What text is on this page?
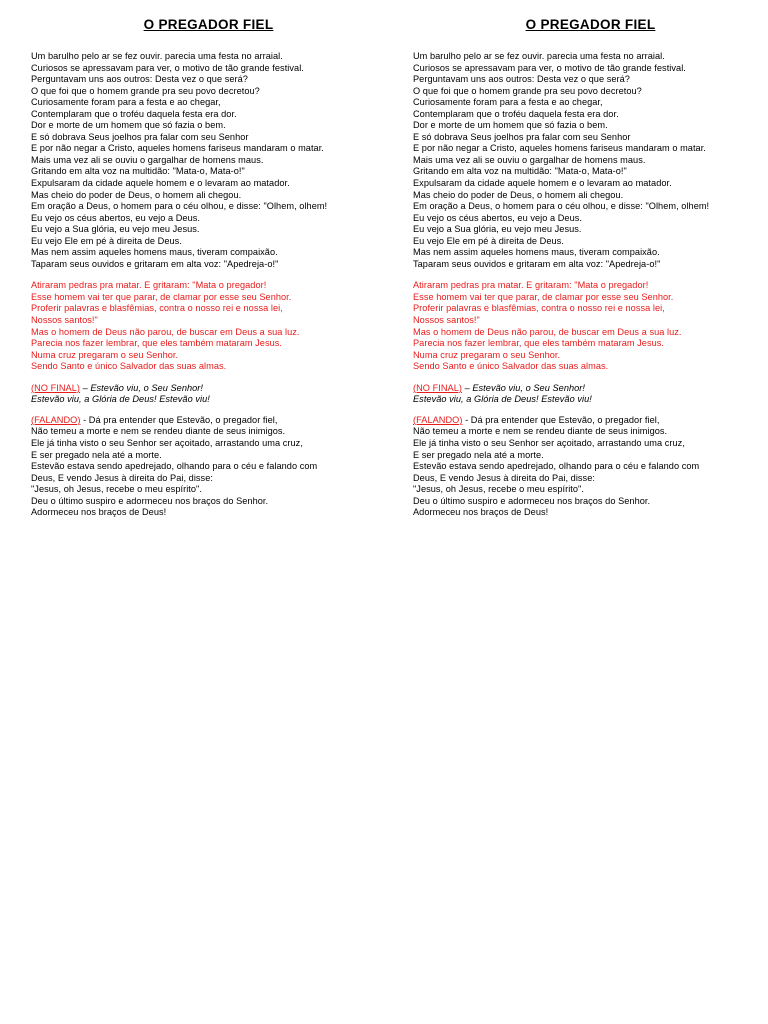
O PREGADOR FIEL
Um barulho pelo ar se fez ouvir. parecia uma festa no arraial.
Curiosos se apressavam para ver, o motivo de tão grande festival.
Perguntavam uns aos outros: Desta vez o que será?
O que foi que o homem grande pra seu povo decretou?
Curiosamente foram para a festa e ao chegar,
Contemplaram que o troféu daquela festa era dor.
Dor e morte de um homem que só fazia o bem.
E só dobrava Seus joelhos pra falar com seu Senhor
E por não negar a Cristo, aqueles homens fariseus mandaram o matar.
Mais uma vez ali se ouviu o gargalhar de homens maus.
Gritando em alta voz na multidão: "Mata-o, Mata-o!"
Expulsaram da cidade aquele homem e o levaram ao matador.
Mas cheio do poder de Deus, o homem ali chegou.
Em oração a Deus, o homem para o céu olhou, e disse: "Olhem, olhem!
Eu vejo os céus abertos, eu vejo a Deus.
Eu vejo a Sua glória, eu vejo meu Jesus.
Eu vejo Ele em pé à direita de Deus.
Mas nem assim aqueles homens maus, tiveram compaixão.
Taparam seus ouvidos e gritaram em alta voz: "Apedreja-o!"
Atiraram pedras pra matar. E gritaram: "Mata o pregador!
Esse homem vai ter que parar, de clamar por esse seu Senhor.
Proferir palavras e blasfêmias, contra o nosso rei e nossa lei,
Nossos santos!"
Mas o homem de Deus não parou, de buscar em Deus a sua luz.
Parecia nos fazer lembrar, que eles também mataram Jesus.
Numa cruz pregaram o seu Senhor.
Sendo Santo e único Salvador das suas almas.
(NO FINAL) – Estevão viu, o Seu Senhor!
Estevão viu, a Glória de Deus! Estevão viu!
(FALANDO) - Dá pra entender que Estevão, o pregador fiel,
Não temeu a morte e nem se rendeu diante de seus inimigos.
Ele já tinha visto o seu Senhor ser açoitado, arrastando uma cruz,
E ser pregado nela até a morte.
Estevão estava sendo apedrejado, olhando para o céu e falando com
Deus, E vendo Jesus à direita do Pai, disse:
"Jesus, oh Jesus, recebe o meu espírito".
Deu o último suspiro e adormeceu nos braços do Senhor.
Adormeceu nos braços de Deus!
O PREGADOR FIEL
Um barulho pelo ar se fez ouvir. parecia uma festa no arraial.
Curiosos se apressavam para ver, o motivo de tão grande festival.
Perguntavam uns aos outros: Desta vez o que será?
O que foi que o homem grande pra seu povo decretou?
Curiosamente foram para a festa e ao chegar,
Contemplaram que o troféu daquela festa era dor.
Dor e morte de um homem que só fazia o bem.
E só dobrava Seus joelhos pra falar com seu Senhor
E por não negar a Cristo, aqueles homens fariseus mandaram o matar.
Mais uma vez ali se ouviu o gargalhar de homens maus.
Gritando em alta voz na multidão: "Mata-o, Mata-o!"
Expulsaram da cidade aquele homem e o levaram ao matador.
Mas cheio do poder de Deus, o homem ali chegou.
Em oração a Deus, o homem para o céu olhou, e disse: "Olhem, olhem!
Eu vejo os céus abertos, eu vejo a Deus.
Eu vejo a Sua glória, eu vejo meu Jesus.
Eu vejo Ele em pé à direita de Deus.
Mas nem assim aqueles homens maus, tiveram compaixão.
Taparam seus ouvidos e gritaram em alta voz: "Apedreja-o!"
Atiraram pedras pra matar. E gritaram: "Mata o pregador!
Esse homem vai ter que parar, de clamar por esse seu Senhor.
Proferir palavras e blasfêmias, contra o nosso rei e nossa lei,
Nossos santos!"
Mas o homem de Deus não parou, de buscar em Deus a sua luz.
Parecia nos fazer lembrar, que eles também mataram Jesus.
Numa cruz pregaram o seu Senhor.
Sendo Santo e único Salvador das suas almas.
(NO FINAL) – Estevão viu, o Seu Senhor!
Estevão viu, a Glória de Deus! Estevão viu!
(FALANDO) - Dá pra entender que Estevão, o pregador fiel,
Não temeu a morte e nem se rendeu diante de seus inimigos.
Ele já tinha visto o seu Senhor ser açoitado, arrastando uma cruz,
E ser pregado nela até a morte.
Estevão estava sendo apedrejado, olhando para o céu e falando com
Deus, E vendo Jesus à direita do Pai, disse:
"Jesus, oh Jesus, recebe o meu espírito".
Deu o último suspiro e adormeceu nos braços do Senhor.
Adormeceu nos braços de Deus!
